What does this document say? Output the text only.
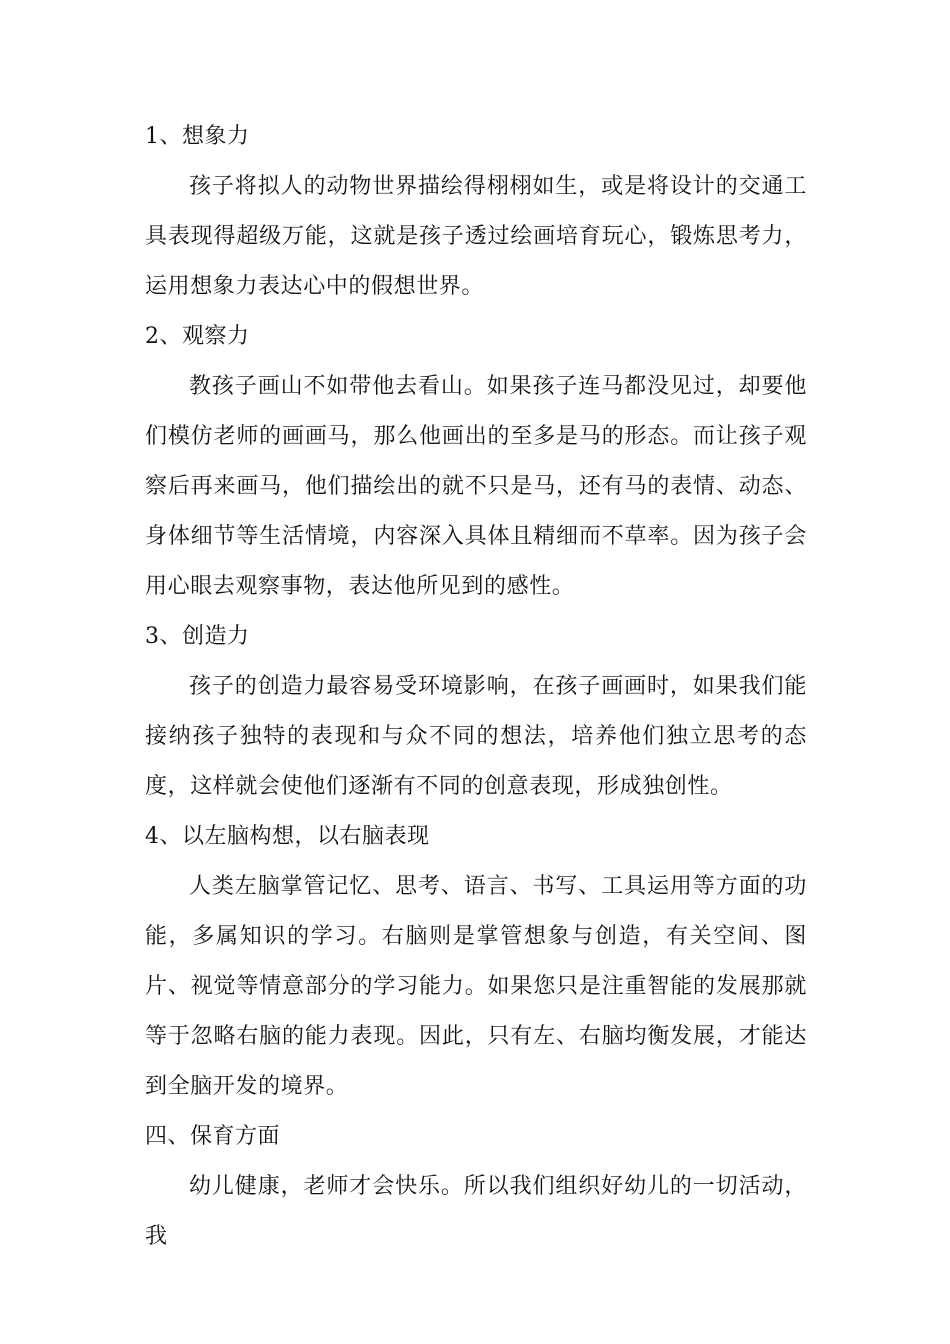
1、想象力

孩子将拟人的动物世界描绘得栩栩如生，或是将设计的交通工具表现得超级万能，这就是孩子透过绘画培育玩心，锻炼思考力，运用想象力表达心中的假想世界。

2、观察力

教孩子画山不如带他去看山。如果孩子连马都没见过，却要他们模仿老师的画画马，那么他画出的至多是马的形态。而让孩子观察后再来画马，他们描绘出的就不只是马，还有马的表情、动态、身体细节等生活情境，内容深入具体且精细而不草率。因为孩子会用心眼去观察事物，表达他所见到的感性。

3、创造力

孩子的创造力最容易受环境影响，在孩子画画时，如果我们能接纳孩子独特的表现和与众不同的想法，培养他们独立思考的态度，这样就会使他们逐渐有不同的创意表现，形成独创性。

4、以左脑构想，以右脑表现

人类左脑掌管记忆、思考、语言、书写、工具运用等方面的功能，多属知识的学习。右脑则是掌管想象与创造，有关空间、图片、视觉等情意部分的学习能力。如果您只是注重智能的发展那就等于忽略右脑的能力表现。因此，只有左、右脑均衡发展，才能达到全脑开发的境界。

四、保育方面

幼儿健康，老师才会快乐。所以我们组织好幼儿的一切活动，我
